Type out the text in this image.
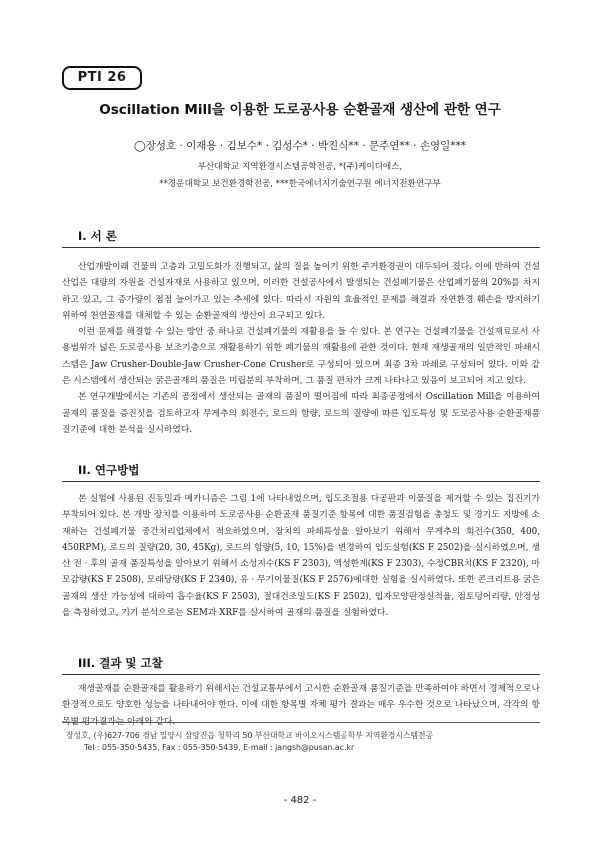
PTI 26
Oscillation Mill을 이용한 도로공사용 순환골재 생산에 관한 연구
◯장성호 · 이재용 · 김보수* · 김성수* · 박진식** · 문주연** · 손영일***
부산대학교 지역환경시스템공학전공, *(주)케이디에스,
**경운대학교 보건환경학전공, ***한국에너지기술연구원 에너지전환연구부
I. 서 론

산업개발이래 건물의 고층과 고밀도화가 진행되고, 삶의 질을 높이기 위한 주거환경권이 대두되어 졌다. 이에 반하여 건설산업은 대량의 자원을 건설자재로 사용하고 있으며, 이러한 건설공사에서 발생되는 건설폐기물은 산업폐기물의 20%를 차지하고 있고, 그 증가량이 점점 늘어가고 있는 추세에 있다. 따라서 자원의 효율적인 문제를 해결과 자연환경 훼손을 방지하기 위하여 천연골재를 대체할 수 있는 순환골재의 생산이 요구되고 있다.

이런 문제를 해결할 수 있는 방안 중 하나로 건설폐기물의 재활용을 들 수 있다. 본 연구는 건설폐기물을 건설재료로서 사용범위가 넓은 도로공사용 보조기층으로 재활용하기 위한 폐기물의 재활용에 관한 것이다. 현재 재생골재의 일반적인 파쇄시스템은 Jaw Crusher-Double-Jaw Crusher-Cone Crusher로 구성되어 있으며 최종 3차 파쇄로 구성되어 있다. 이와 같은 시스템에서 생산되는 굵은골재의 품질은 미립분의 부착하며, 그 품질 편차가 크게 나타나고 있음이 보고되어 지고 있다.

본 연구개발에서는 기존의 공정에서 생산되는 골재의 품질이 떨어짐에 따라 최종공정에서 Oscillation Mill을 이용하여 골재의 품질을 증진싯을 검토하고자 무게추의 회전수, 로드의 함량, 로드의 질량에 따른 입도특성 및 도로공사용 순환골재품질기준에 대한 분석을 실시하였다.

II. 연구방법

본 실험에 사용된 진동밀과 메카니즘은 그림 1에 나타내었으며, 입도조절용 다공판과 이물질을 제거할 수 있는 집진기가 부착되어 있다. 본 개발 장치를 이용하여 도로공사용 순환골재 품질기준 항목에 대한 품질검험을 충청도 및 경기도 지방에 소재하는 건설폐기물 중간처리업체에서 적요하였으며, 장치의 파쇄특성을 알아보기 위해서 무게추의 회전수(350, 400, 450RPM), 로드의 질량(20, 30, 45Kg), 로드의 함량(5, 10, 15%)을 변경하여 입도실험(KS F 2502)을 실시하였으며, 생산 전 · 후의 골재 품질특성을 알아보기 위해서 소성지수(KS F 2303), 액성한계(KS F 2303), 수정CBR치(KS F 2320), 마모감량(KS F 2508), 모래당량(KS F 2340), 유 · 무기이물질(KS F 2576)에대한 실험을 실시하였다. 또한 콘크리트용 굵은골재의 생산 가능성에 대하여 흡수율(KS F 2503), 절대건조밀도(KS F 2502), 입자모양판정실적율, 점토덩어리량, 안정성을 측정하였고, 기기 분석으로는 SEM과 XRF를 실시하여 골재의 품질을 실험하였다.

III. 결과 및 고찰

재생골재를 순환골재를 활용하기 위해서는 건설교통부에서 고시한 순환골재 품질기준을 만족하여야 하면서 경제적으로나 환경적으로도 양호한 성능을 나타내어야 한다. 이에 대한 항목별 자체 평가 결과는 매우 우수한 것으로 나타났으며, 각각의 항목별 평가결과는 아래와 같다.

장성호, (우)627-706 경남 밀양시 삼랑진읍 청학리 50 부산대학교 바이오시스템공학부 지역환경시스템전공
Tel : 055-350-5435, Fax : 055-350-5439, E-mail : jangsh@pusan.ac.kr
- 482 -
